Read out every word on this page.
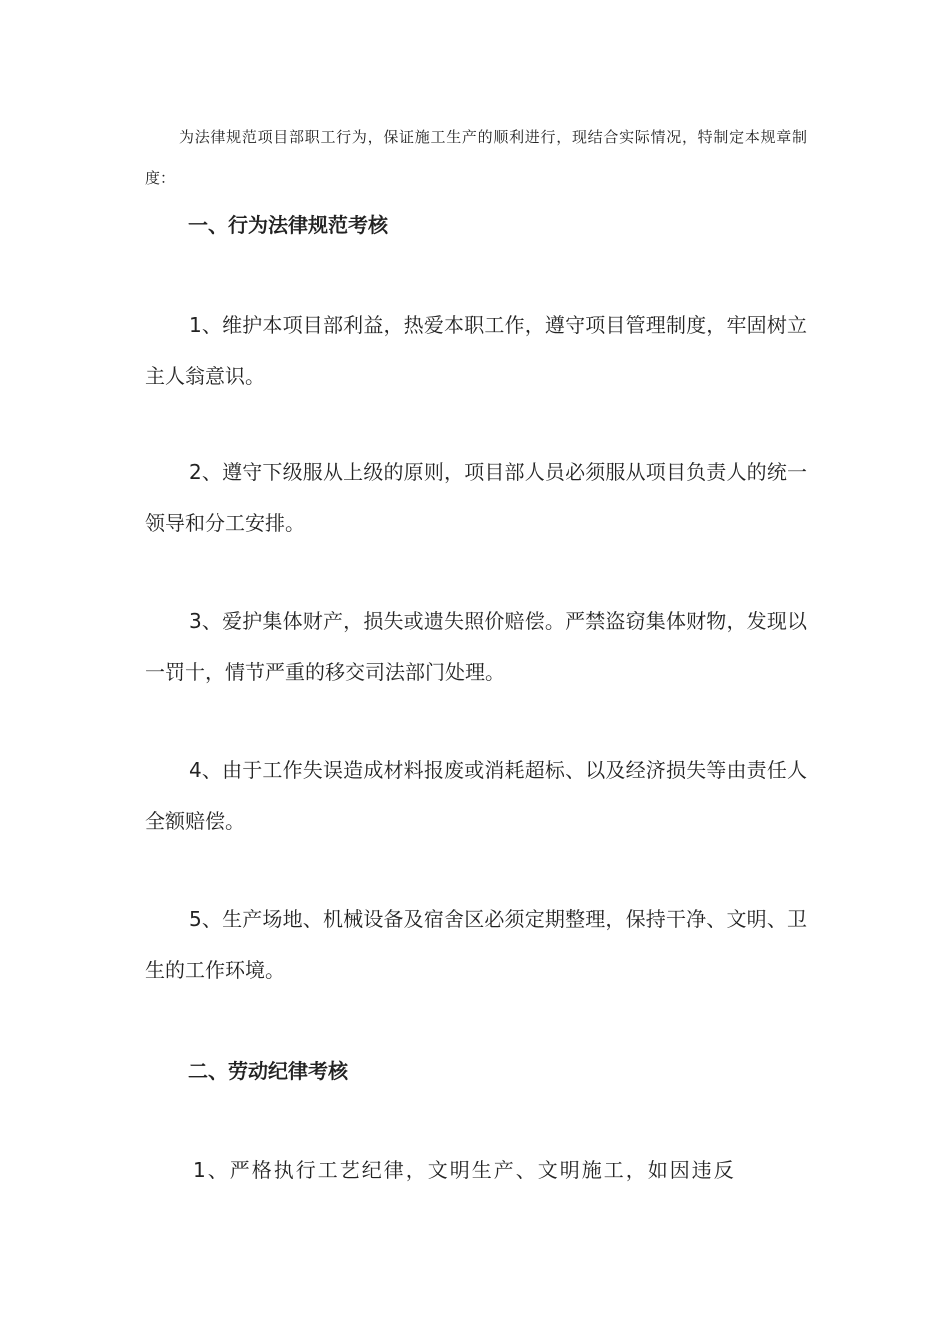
为法律规范项目部职工行为，保证施工生产的顺利进行，现结合实际情况，特制定本规章制度：

一、行为法律规范考核

1、维护本项目部利益，热爱本职工作，遵守项目管理制度，牢固树立主人翁意识。

2、遵守下级服从上级的原则，项目部人员必须服从项目负责人的统一领导和分工安排。

3、爱护集体财产，损失或遗失照价赔偿。严禁盗窃集体财物，发现以一罚十，情节严重的移交司法部门处理。

4、由于工作失误造成材料报废或消耗超标、以及经济损失等由责任人全额赔偿。

5、生产场地、机械设备及宿舍区必须定期整理，保持干净、文明、卫生的工作环境。

二、劳动纪律考核

1、严格执行工艺纪律，文明生产、文明施工，如因违反
